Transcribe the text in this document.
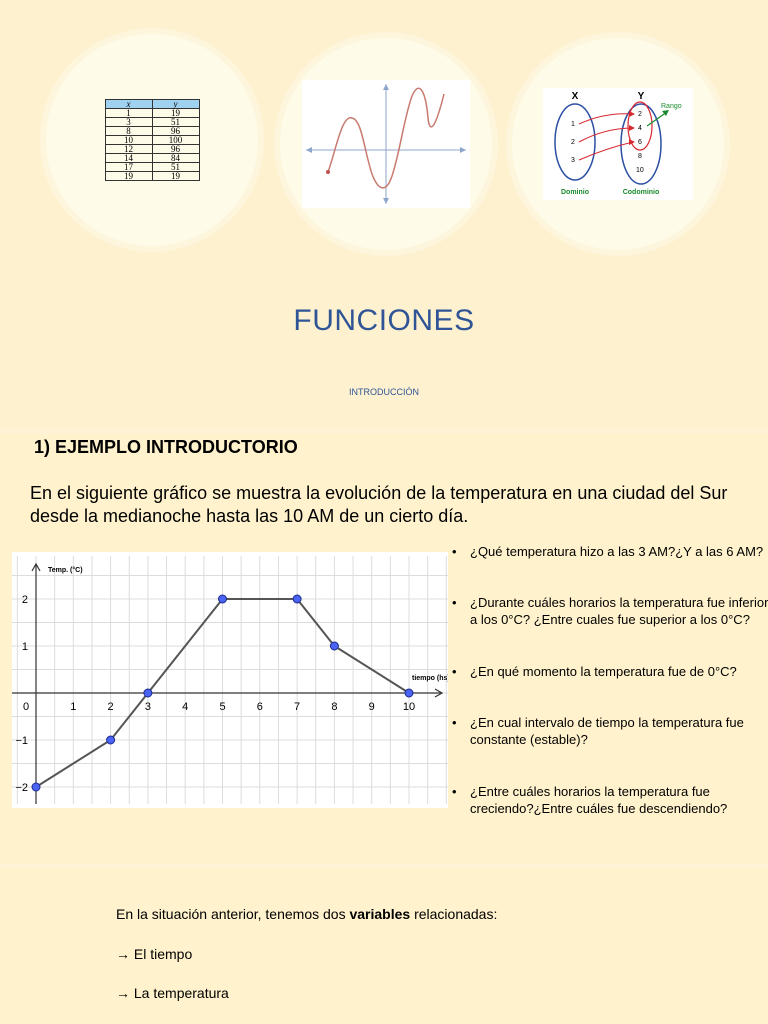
x	y
1	19
3	51
8	96
10	100
12	96
14	84
17	51
19	19
X	Y
1
2
3
2
4
6
8
10
Rango
Dominio	Codominio
FUNCIONES
INTRODUCCIÓN
1) EJEMPLO INTRODUCTORIO
En el siguiente gráfico se muestra la evolución de la temperatura en una ciudad del Sur desde la medianoche hasta las 10 AM de un cierto día.
Temp. (°C)
tiempo (hs)
0	1	2	3	4	5	6	7	8	9	10
−2
−1
1
2
• ¿Qué temperatura hizo a las 3 AM?¿Y a las 6 AM?
• ¿Durante cuáles horarios la temperatura fue inferior a los 0°C? ¿Entre cuales fue superior a los 0°C?
• ¿En qué momento la temperatura fue de 0°C?
• ¿En cual intervalo de tiempo la temperatura fue constante (estable)?
• ¿Entre cuáles horarios la temperatura fue creciendo?¿Entre cuáles fue descendiendo?
En la situación anterior, tenemos dos variables relacionadas:
→ El tiempo
→ La temperatura
